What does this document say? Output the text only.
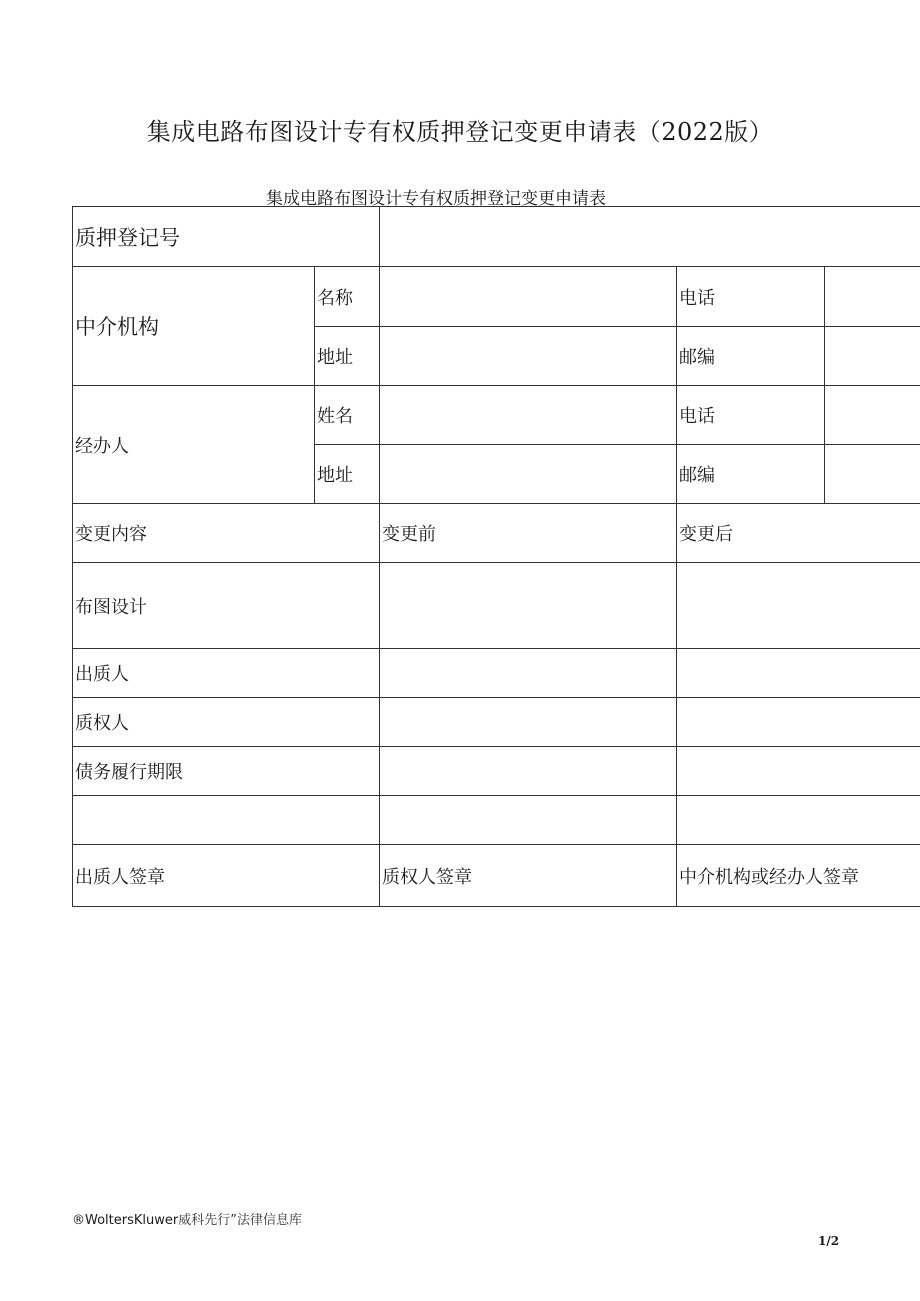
集成电路布图设计专有权质押登记变更申请表（2022版）
集成电路布图设计专有权质押登记变更申请表
质押登记号				
中介机构	名称		电话	
	地址		邮编	
经办人	姓名		电话	
	地址		邮编	
变更内容		变更前	变更后	
布图设计				
出质人				
质权人				
债务履行期限				

出质人签章		质权人签章	中介机构或经办人签章	
®WoltersKluwer威科先行”法律信息库
1/2
